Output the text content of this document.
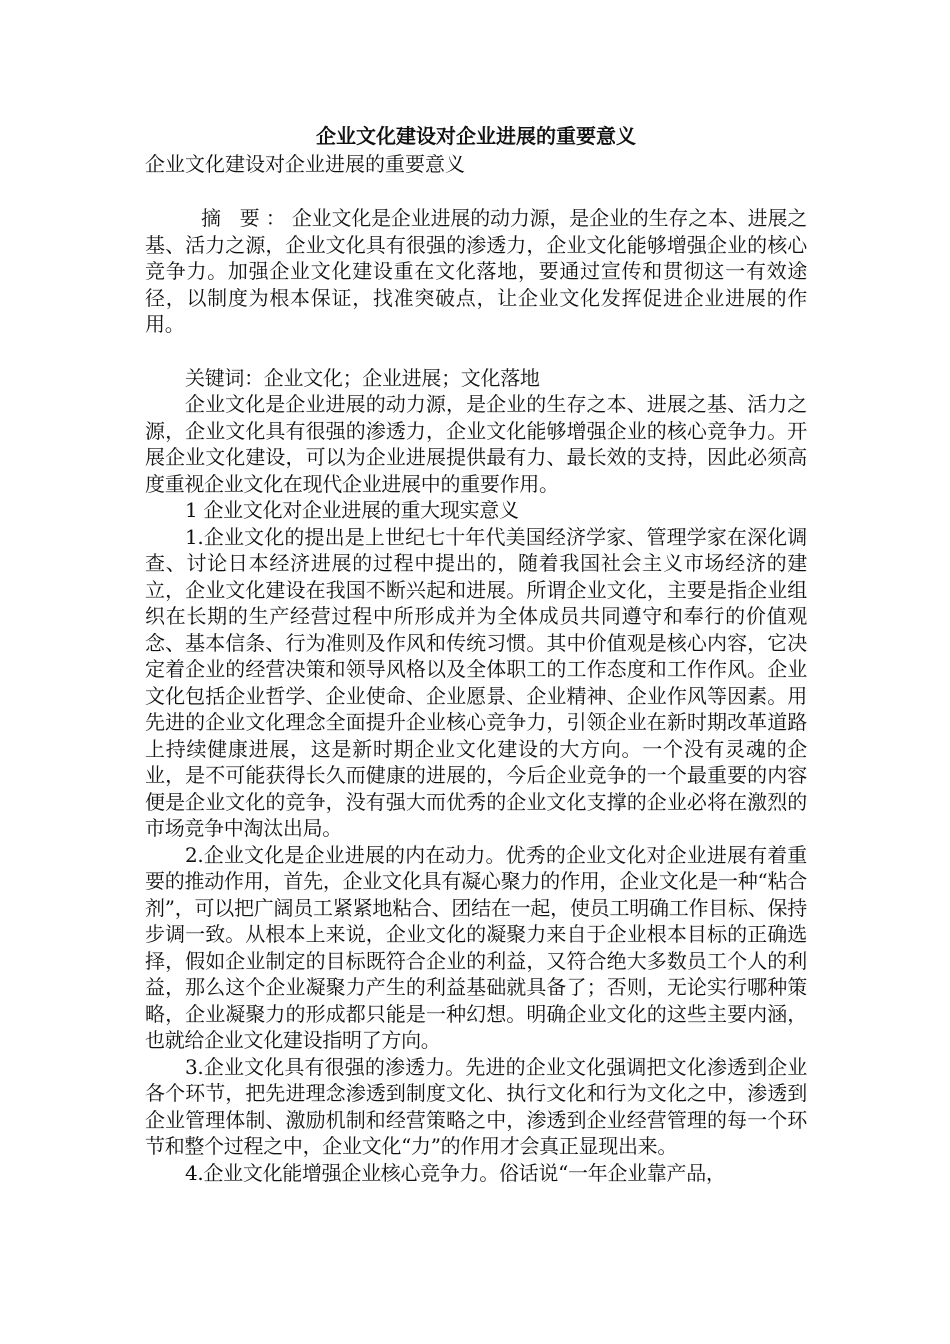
企业文化建设对企业进展的重要意义

企业文化建设对企业进展的重要意义

摘 要：企业文化是企业进展的动力源，是企业的生存之本、进展之基、活力之源，企业文化具有很强的渗透力，企业文化能够增强企业的核心竞争力。加强企业文化建设重在文化落地，要通过宣传和贯彻这一有效途径，以制度为根本保证，找准突破点，让企业文化发挥促进企业进展的作用。

关键词：企业文化；企业进展；文化落地

企业文化是企业进展的动力源，是企业的生存之本、进展之基、活力之源，企业文化具有很强的渗透力，企业文化能够增强企业的核心竞争力。开展企业文化建设，可以为企业进展提供最有力、最长效的支持，因此必须高度重视企业文化在现代企业进展中的重要作用。

1 企业文化对企业进展的重大现实意义

1.企业文化的提出是上世纪七十年代美国经济学家、管理学家在深化调查、讨论日本经济进展的过程中提出的，随着我国社会主义市场经济的建立，企业文化建设在我国不断兴起和进展。所谓企业文化，主要是指企业组织在长期的生产经营过程中所形成并为全体成员共同遵守和奉行的价值观念、基本信条、行为准则及作风和传统习惯。其中价值观是核心内容，它决定着企业的经营决策和领导风格以及全体职工的工作态度和工作作风。企业文化包括企业哲学、企业使命、企业愿景、企业精神、企业作风等因素。用先进的企业文化理念全面提升企业核心竞争力，引领企业在新时期改革道路上持续健康进展，这是新时期企业文化建设的大方向。一个没有灵魂的企业，是不可能获得长久而健康的进展的，今后企业竞争的一个最重要的内容便是企业文化的竞争，没有强大而优秀的企业文化支撑的企业必将在激烈的市场竞争中淘汰出局。

2.企业文化是企业进展的内在动力。优秀的企业文化对企业进展有着重要的推动作用，首先，企业文化具有凝心聚力的作用，企业文化是一种“粘合剂”，可以把广阔员工紧紧地粘合、团结在一起，使员工明确工作目标、保持步调一致。从根本上来说，企业文化的凝聚力来自于企业根本目标的正确选择，假如企业制定的目标既符合企业的利益，又符合绝大多数员工个人的利益，那么这个企业凝聚力产生的利益基础就具备了；否则，无论实行哪种策略，企业凝聚力的形成都只能是一种幻想。明确企业文化的这些主要内涵，也就给企业文化建设指明了方向。

3.企业文化具有很强的渗透力。先进的企业文化强调把文化渗透到企业各个环节，把先进理念渗透到制度文化、执行文化和行为文化之中，渗透到企业管理体制、激励机制和经营策略之中，渗透到企业经营管理的每一个环节和整个过程之中，企业文化“力”的作用才会真正显现出来。

4.企业文化能增强企业核心竞争力。俗话说“一年企业靠产品，
